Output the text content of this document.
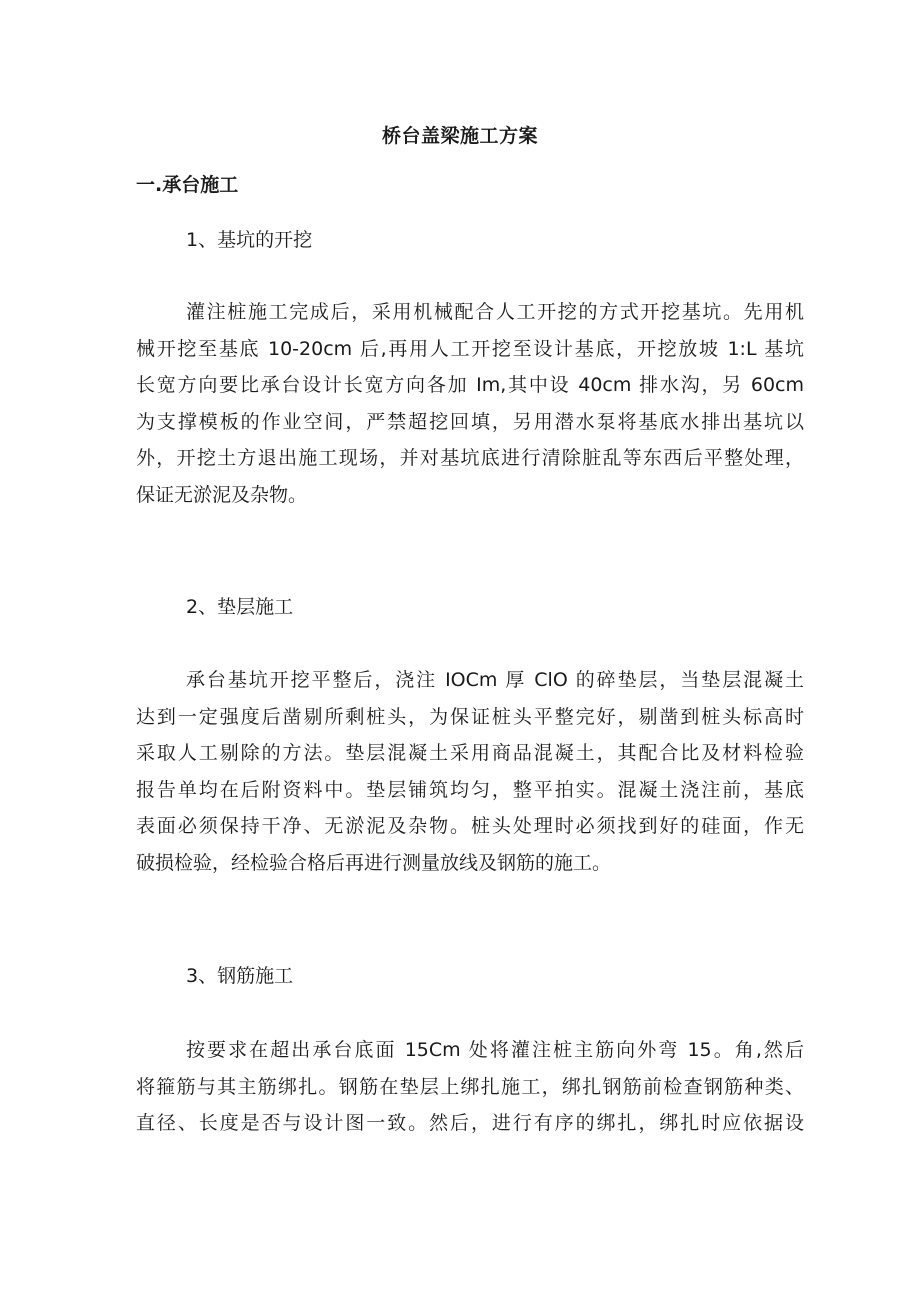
桥台盖梁施工方案
一.承台施工
1、基坑的开挖
灌注桩施工完成后，采用机械配合人工开挖的方式开挖基坑。先用机
械开挖至基底 10-20cm 后,再用人工开挖至设计基底，开挖放坡 1:L 基坑
长宽方向要比承台设计长宽方向各加 Im,其中设 40cm 排水沟，另 60cm
为支撑模板的作业空间，严禁超挖回填，另用潜水泵将基底水排出基坑以
外，开挖土方退出施工现场，并对基坑底进行清除脏乱等东西后平整处理，
保证无淤泥及杂物。
2、垫层施工
承台基坑开挖平整后，浇注 IOCm 厚 ClO 的碎垫层，当垫层混凝土
达到一定强度后凿剔所剩桩头，为保证桩头平整完好，剔凿到桩头标高时
采取人工剔除的方法。垫层混凝土采用商品混凝土，其配合比及材料检验
报告单均在后附资料中。垫层铺筑均匀，整平拍实。混凝土浇注前，基底
表面必须保持干净、无淤泥及杂物。桩头处理时必须找到好的硅面，作无
破损检验，经检验合格后再进行测量放线及钢筋的施工。
3、钢筋施工
按要求在超出承台底面 15Cm 处将灌注桩主筋向外弯 15。角,然后
将箍筋与其主筋绑扎。钢筋在垫层上绑扎施工，绑扎钢筋前检查钢筋种类、
直径、长度是否与设计图一致。然后，进行有序的绑扎，绑扎时应依据设
